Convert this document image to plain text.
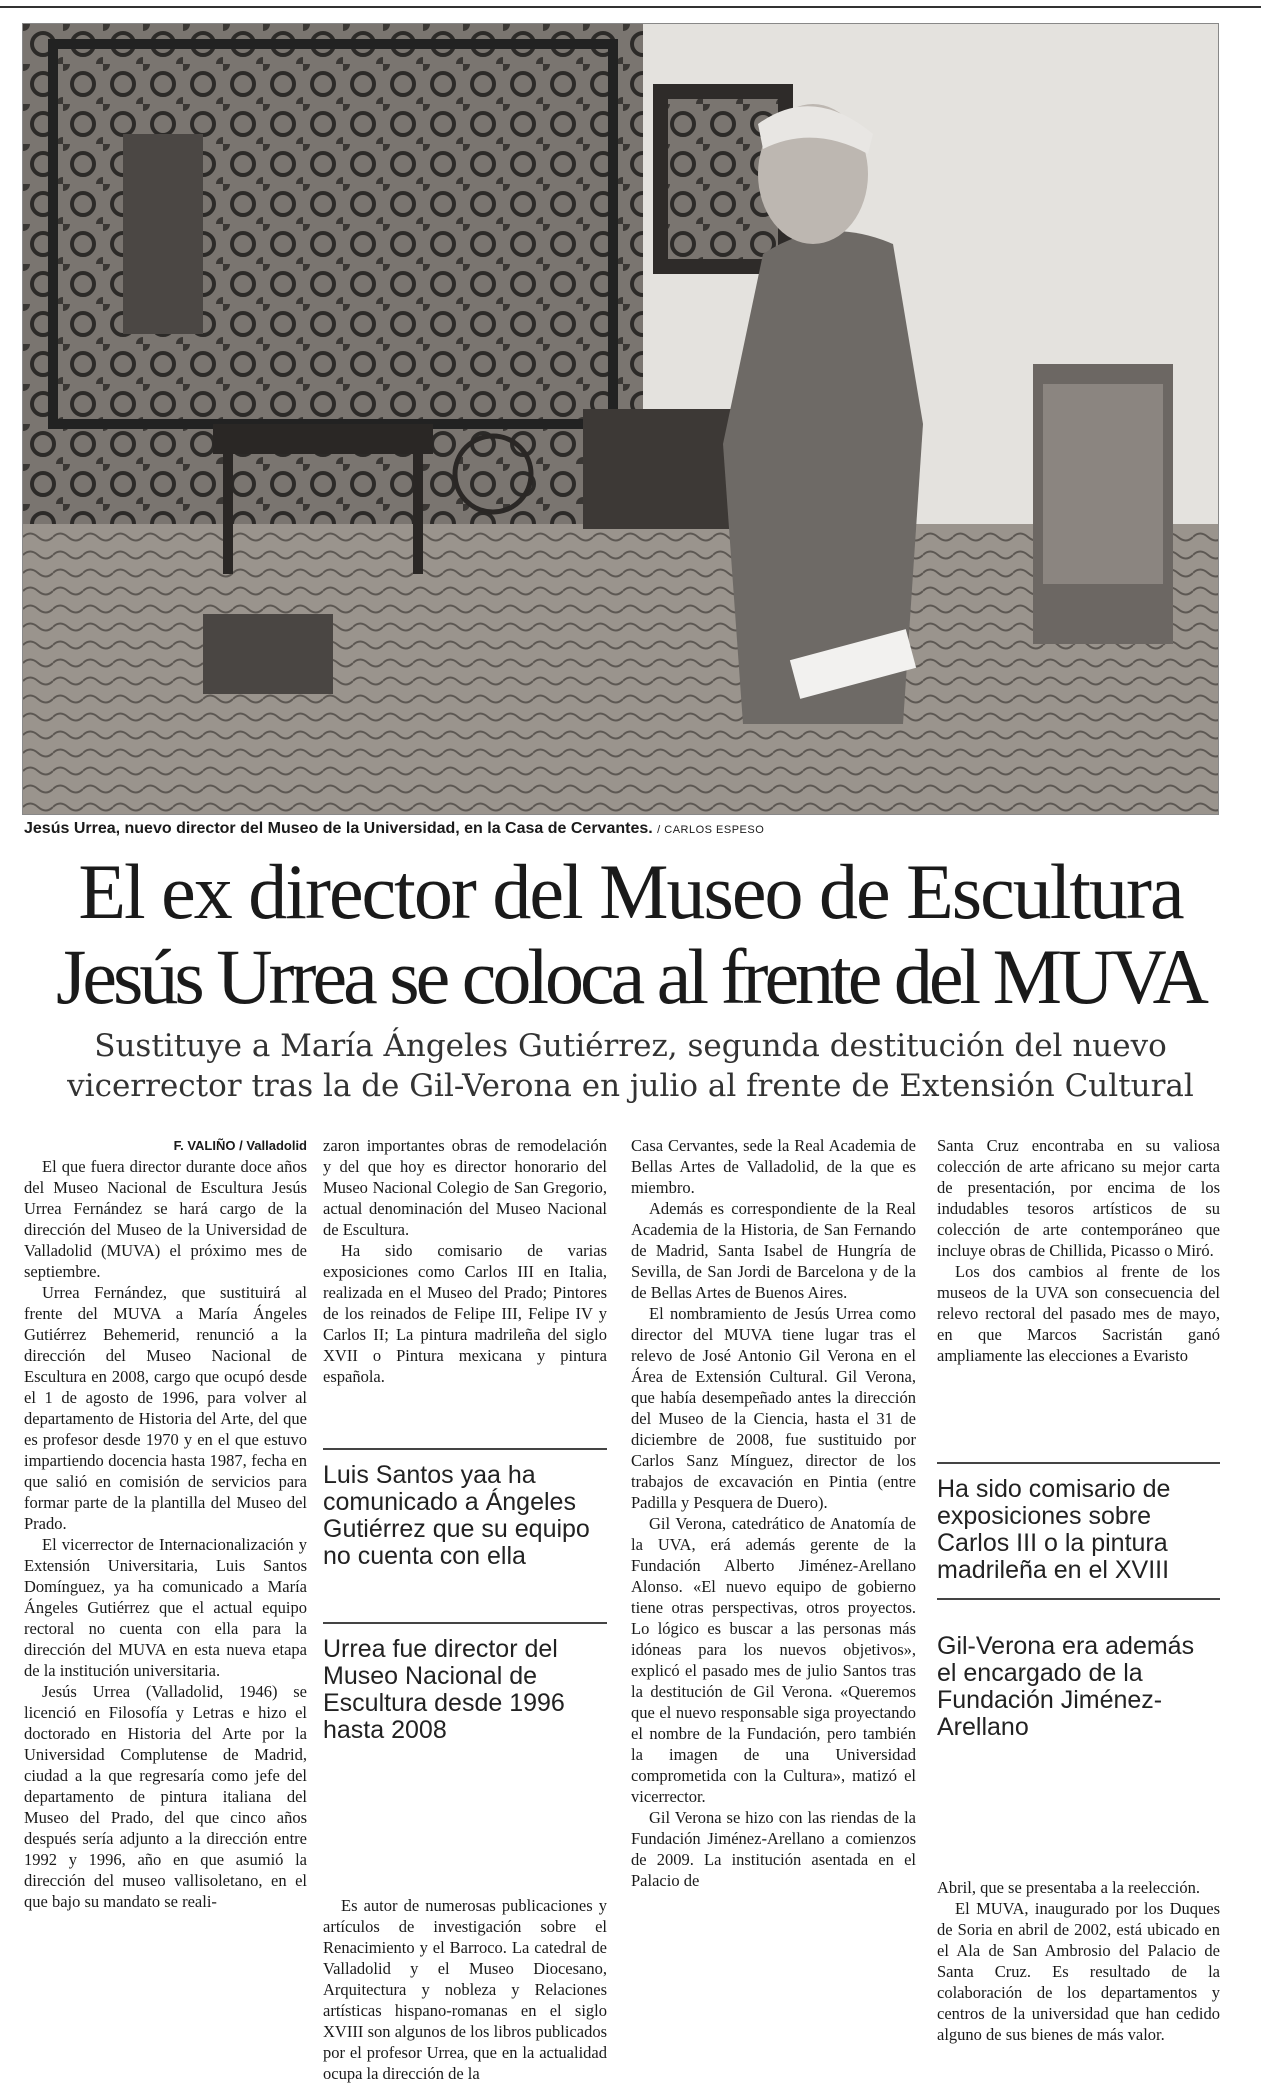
Jesús Urrea, nuevo director del Museo de la Universidad, en la Casa de Cervantes. / CARLOS ESPESO
El ex director del Museo de Escultura
Jesús Urrea se coloca al frente del MUVA
Sustituye a María Ángeles Gutiérrez, segunda destitución del nuevo
vicerrector tras la de Gil-Verona en julio al frente de Extensión Cultural

F. VALIÑO / Valladolid

El que fuera director durante doce años del Museo Nacional de Escultura Jesús Urrea Fernández se hará cargo de la dirección del Museo de la Universidad de Valladolid (MUVA) el próximo mes de septiembre.

Urrea Fernández, que sustituirá al frente del MUVA a María Ángeles Gutiérrez Behemerid, renunció a la dirección del Museo Nacional de Escultura en 2008, cargo que ocupó desde el 1 de agosto de 1996, para volver al departamento de Historia del Arte, del que es profesor desde 1970 y en el que estuvo impartiendo docencia hasta 1987, fecha en que salió en comisión de servicios para formar parte de la plantilla del Museo del Prado.

El vicerrector de Internacionalización y Extensión Universitaria, Luis Santos Domínguez, ya ha comunicado a María Ángeles Gutiérrez que el actual equipo rectoral no cuenta con ella para la dirección del MUVA en esta nueva etapa de la institución universitaria.

Jesús Urrea (Valladolid, 1946) se licenció en Filosofía y Letras e hizo el doctorado en Historia del Arte por la Universidad Complutense de Madrid, ciudad a la que regresaría como jefe del departamento de pintura italiana del Museo del Prado, del que cinco años después sería adjunto a la dirección entre 1992 y 1996, año en que asumió la dirección del museo vallisoletano, en el que bajo su mandato se reali-

zaron importantes obras de remodelación y del que hoy es director honorario del Museo Nacional Colegio de San Gregorio, actual denominación del Museo Nacional de Escultura.

Ha sido comisario de varias exposiciones como Carlos III en Italia, realizada en el Museo del Prado; Pintores de los reinados de Felipe III, Felipe IV y Carlos II; La pintura madrileña del siglo XVII o Pintura mexicana y pintura española.

Luis Santos yaa ha comunicado a Ángeles Gutiérrez que su equipo no cuenta con ella
Urrea fue director del Museo Nacional de Escultura desde 1996 hasta 2008

Es autor de numerosas publicaciones y artículos de investigación sobre el Renacimiento y el Barroco. La catedral de Valladolid y el Museo Diocesano, Arquitectura y nobleza y Relaciones artísticas hispano-romanas en el siglo XVIII son algunos de los libros publicados por el profesor Urrea, que en la actualidad ocupa la dirección de la

Casa Cervantes, sede la Real Academia de Bellas Artes de Valladolid, de la que es miembro.

Además es correspondiente de la Real Academia de la Historia, de San Fernando de Madrid, Santa Isabel de Hungría de Sevilla, de San Jordi de Barcelona y de la de Bellas Artes de Buenos Aires.

El nombramiento de Jesús Urrea como director del MUVA tiene lugar tras el relevo de José Antonio Gil Verona en el Área de Extensión Cultural. Gil Verona, que había desempeñado antes la dirección del Museo de la Ciencia, hasta el 31 de diciembre de 2008, fue sustituido por Carlos Sanz Mínguez, director de los trabajos de excavación en Pintia (entre Padilla y Pesquera de Duero).

Gil Verona, catedrático de Anatomía de la UVA, erá además gerente de la Fundación Alberto Jiménez-Arellano Alonso. «El nuevo equipo de gobierno tiene otras perspectivas, otros proyectos. Lo lógico es buscar a las personas más idóneas para los nuevos objetivos», explicó el pasado mes de julio Santos tras la destitución de Gil Verona. «Queremos que el nuevo responsable siga proyectando el nombre de la Fundación, pero también la imagen de una Universidad comprometida con la Cultura», matizó el vicerrector.

Gil Verona se hizo con las riendas de la Fundación Jiménez-Arellano a comienzos de 2009. La institución asentada en el Palacio de

Santa Cruz encontraba en su valiosa colección de arte africano su mejor carta de presentación, por encima de los indudables tesoros artísticos de su colección de arte contemporáneo que incluye obras de Chillida, Picasso o Miró.

Los dos cambios al frente de los museos de la UVA son consecuencia del relevo rectoral del pasado mes de mayo, en que Marcos Sacristán ganó ampliamente las elecciones a Evaristo

Ha sido comisario de exposiciones sobre Carlos III o la pintura madrileña en el XVIII
Gil-Verona era además el encargado de la Fundación Jiménez-Arellano

Abril, que se presentaba a la reelección.

El MUVA, inaugurado por los Duques de Soria en abril de 2002, está ubicado en el Ala de San Ambrosio del Palacio de Santa Cruz. Es resultado de la colaboración de los departamentos y centros de la universidad que han cedido alguno de sus bienes de más valor.
